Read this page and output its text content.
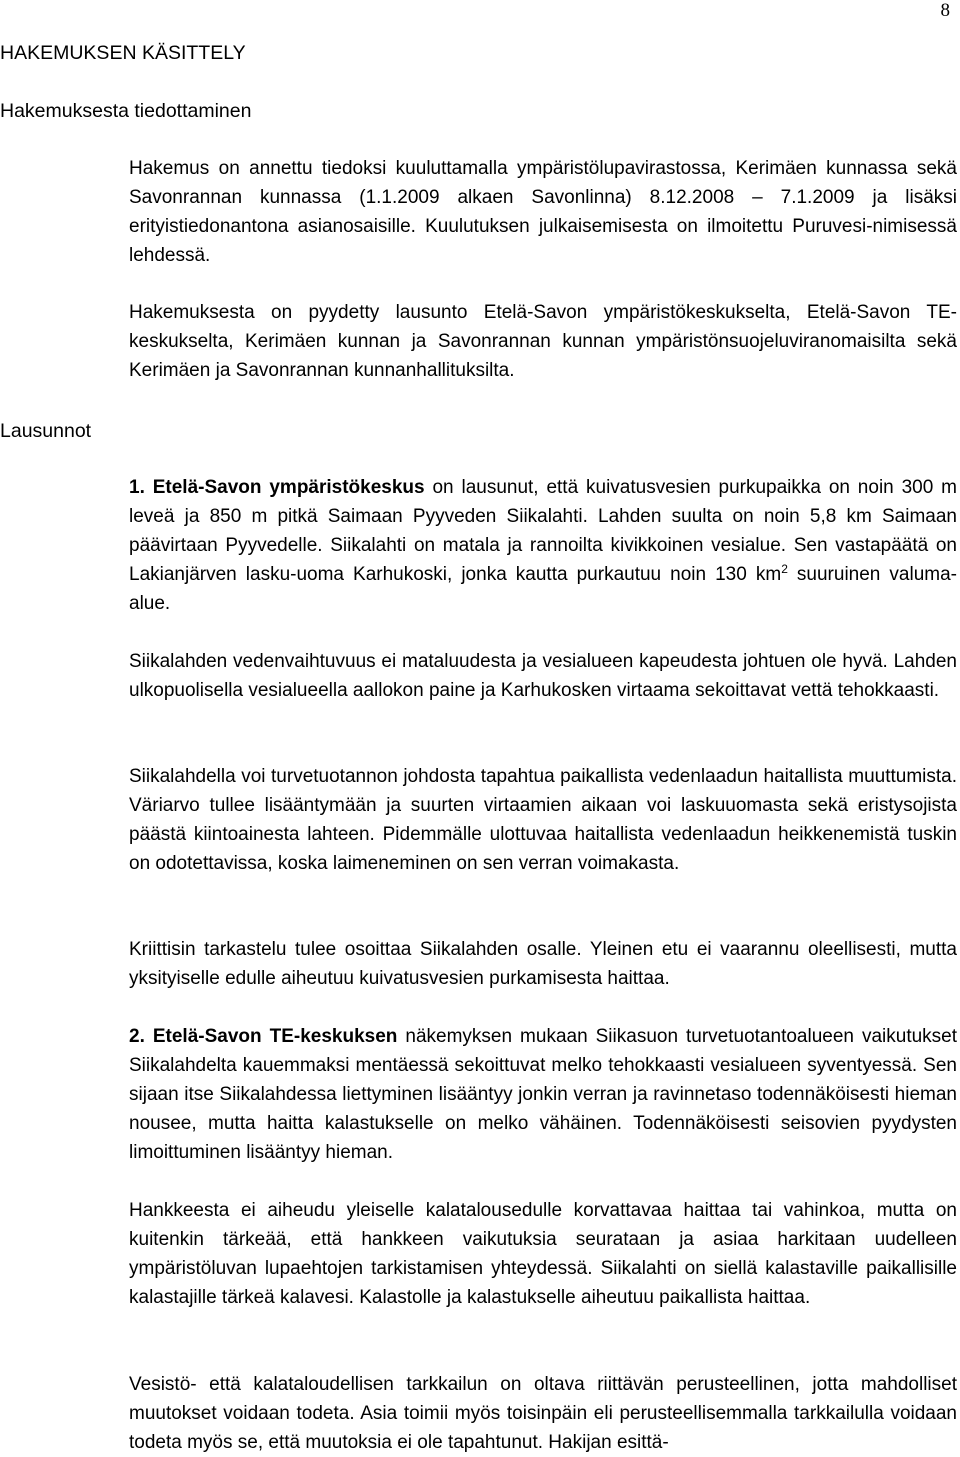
8
HAKEMUKSEN KÄSITTELY
Hakemuksesta tiedottaminen

Hakemus on annettu tiedoksi kuuluttamalla ympäristölupavirastossa, Kerimäen kunnassa sekä Savonrannan kunnassa (1.1.2009 alkaen Savonlinna) 8.12.2008 – 7.1.2009 ja lisäksi erityistiedonantona asianosaisille. Kuulutuksen julkaisemisesta on ilmoitettu Puruvesi-nimisessä lehdessä.

Hakemuksesta on pyydetty lausunto Etelä-Savon ympäristökeskukselta, Etelä-Savon TE-keskukselta, Kerimäen kunnan ja Savonrannan kunnan ympäristönsuojeluviranomaisilta sekä Kerimäen ja Savonrannan kunnanhallituksilta.

Lausunnot

1. Etelä-Savon ympäristökeskus on lausunut, että kuivatusvesien purkupaikka on noin 300 m leveä ja 850 m pitkä Saimaan Pyyveden Siikalahti. Lahden suulta on noin 5,8 km Saimaan päävirtaan Pyyvedelle. Siikalahti on matala ja rannoilta kivikkoinen vesialue. Sen vastapäätä on Lakianjärven lasku-uoma Karhukoski, jonka kautta purkautuu noin 130 $km^2$ suuruinen valuma-alue.

Siikalahden vedenvaihtuvuus ei mataluudesta ja vesialueen kapeudesta johtuen ole hyvä. Lahden ulkopuolisella vesialueella aallokon paine ja Karhukosken virtaama sekoittavat vettä tehokkaasti.

Siikalahdella voi turvetuotannon johdosta tapahtua paikallista vedenlaadun haitallista muuttumista. Väriarvo tullee lisääntymään ja suurten virtaamien aikaan voi laskuuomasta sekä eristysojista päästä kiintoainesta lahteen. Pidemmälle ulottuvaa haitallista vedenlaadun heikkenemistä tuskin on odotettavissa, koska laimeneminen on sen verran voimakasta.

Kriittisin tarkastelu tulee osoittaa Siikalahden osalle. Yleinen etu ei vaarannu oleellisesti, mutta yksityiselle edulle aiheutuu kuivatusvesien purkamisesta haittaa.

2. Etelä-Savon TE-keskuksen näkemyksen mukaan Siikasuon turvetuotantoalueen vaikutukset Siikalahdelta kauemmaksi mentäessä sekoittuvat melko tehokkaasti vesialueen syventyessä. Sen sijaan itse Siikalahdessa liettyminen lisääntyy jonkin verran ja ravinnetaso todennäköisesti hieman nousee, mutta haitta kalastukselle on melko vähäinen. Todennäköisesti seisovien pyydysten limoittuminen lisääntyy hieman.

Hankkeesta ei aiheudu yleiselle kalatalousedulle korvattavaa haittaa tai vahinkoa, mutta on kuitenkin tärkeää, että hankkeen vaikutuksia seurataan ja asiaa harkitaan uudelleen ympäristöluvan lupaehtojen tarkistamisen yhteydessä. Siikalahti on siellä kalastaville paikallisille kalastajille tärkeä kalavesi. Kalastolle ja kalastukselle aiheutuu paikallista haittaa.

Vesistö- että kalataloudellisen tarkkailun on oltava riittävän perusteellinen, jotta mahdolliset muutokset voidaan todeta. Asia toimii myös toisinpäin eli perusteellisemmalla tarkkailulla voidaan todeta myös se, että muutoksia ei ole tapahtunut. Hakijan esittä-
